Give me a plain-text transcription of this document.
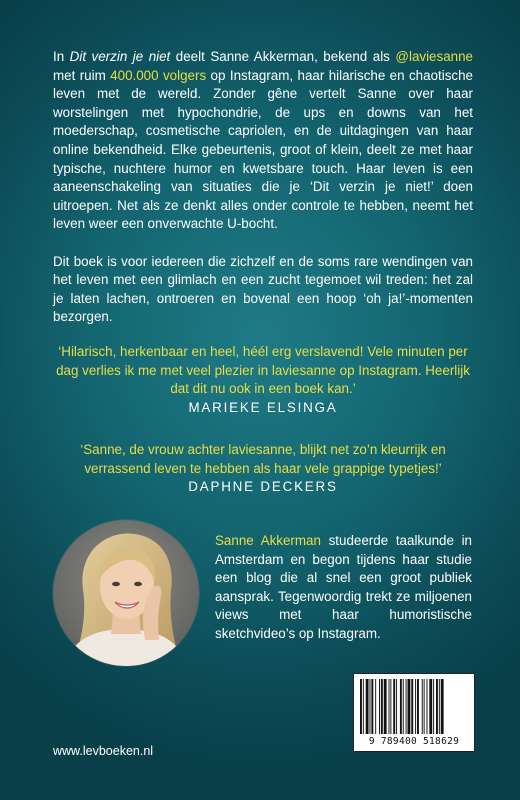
In Dit verzin je niet deelt Sanne Akkerman, bekend als @laviesanne met ruim 400.000 volgers op Instagram, haar hilarische en chaotische leven met de wereld. Zonder gêne vertelt Sanne over haar worstelingen met hypochondrie, de ups en downs van het moederschap, cosmetische capriolen, en de uitdagingen van haar online bekendheid. Elke gebeurtenis, groot of klein, deelt ze met haar typische, nuchtere humor en kwetsbare touch. Haar leven is een aaneenschakeling van situaties die je ‘Dit verzin je niet!’ doen uitroepen. Net als ze denkt alles onder controle te hebben, neemt het leven weer een onverwachte U-bocht.

Dit boek is voor iedereen die zichzelf en de soms rare wendingen van het leven met een glimlach en een zucht tegemoet wil treden: het zal je laten lachen, ontroeren en bovenal een hoop ‘oh ja!’-momenten bezorgen.

‘Hilarisch, herkenbaar en heel, héél erg verslavend! Vele minuten per dag verlies ik me met veel plezier in laviesanne op Instagram. Heerlijk dat dit nu ook in een boek kan.’

MARIEKE ELSINGA

‘Sanne, de vrouw achter laviesanne, blijkt net zo’n kleurrijk en verrassend leven te hebben als haar vele grappige typetjes!’

DAPHNE DECKERS

Sanne Akkerman studeerde taalkunde in Amsterdam en begon tijdens haar studie een blog die al snel een groot publiek aansprak. Tegenwoordig trekt ze miljoenen views met haar humoristische sketchvideo’s op Instagram.

9 789400 518629

www.levboeken.nl
